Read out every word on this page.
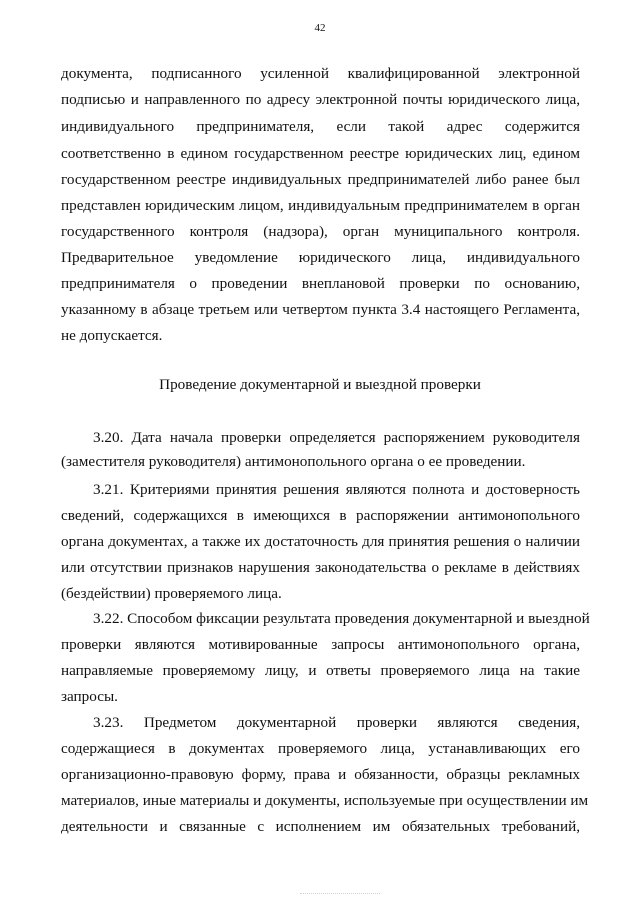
42
документа, подписанного усиленной квалифицированной электронной
подписью и направленного по адресу электронной почты юридического лица,
индивидуального предпринимателя, если такой адрес содержится
соответственно в едином государственном реестре юридических лиц, едином
государственном реестре индивидуальных предпринимателей либо ранее был
представлен юридическим лицом, индивидуальным предпринимателем в орган
государственного контроля (надзора), орган муниципального контроля.
Предварительное уведомление юридического лица, индивидуального
предпринимателя о проведении внеплановой проверки по основанию,
указанному в абзаце третьем или четвертом пункта 3.4 настоящего Регламента,
не допускается.
Проведение документарной и выездной проверки
3.20. Дата начала проверки определяется распоряжением руководителя
(заместителя руководителя) антимонопольного органа о ее проведении.
3.21. Критериями принятия решения являются полнота и достоверность
сведений, содержащихся в имеющихся в распоряжении антимонопольного
органа документах, а также их достаточность для принятия решения о наличии
или отсутствии признаков нарушения законодательства о рекламе в действиях
(бездействии) проверяемого лица.
3.22. Способом фиксации результата проведения документарной и выездной
проверки являются мотивированные запросы антимонопольного органа,
направляемые проверяемому лицу, и ответы проверяемого лица на такие
запросы.
3.23. Предметом документарной проверки являются сведения,
содержащиеся в документах проверяемого лица, устанавливающих его
организационно-правовую форму, права и обязанности, образцы рекламных
материалов, иные материалы и документы, используемые при осуществлении им
деятельности и связанные с исполнением им обязательных требований,
